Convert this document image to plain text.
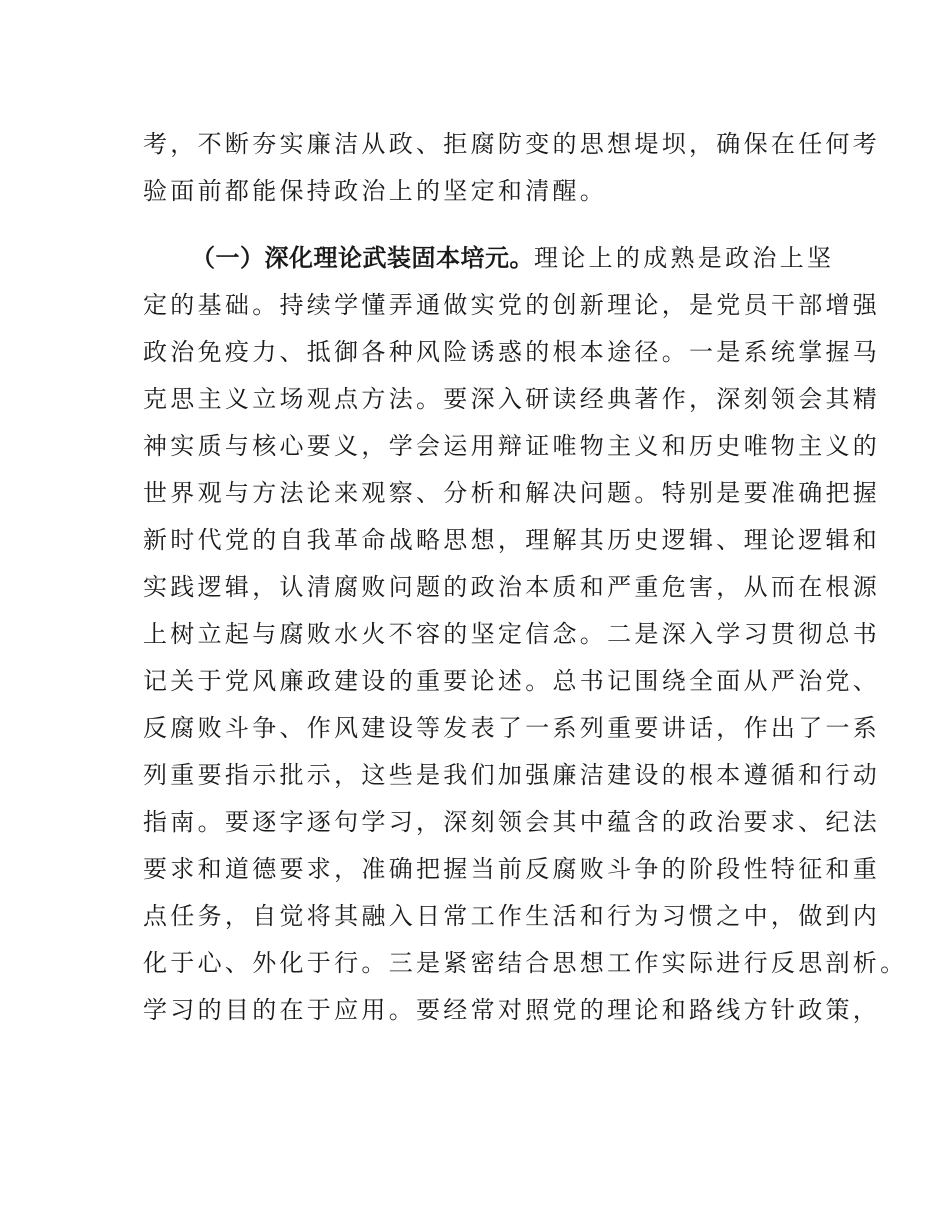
考，不断夯实廉洁从政、拒腐防变的思想堤坝，确保在任何考
验面前都能保持政治上的坚定和清醒。
（一）深化理论武装固本培元。理论上的成熟是政治上坚
定的基础。持续学懂弄通做实党的创新理论，是党员干部增强
政治免疫力、抵御各种风险诱惑的根本途径。一是系统掌握马
克思主义立场观点方法。要深入研读经典著作，深刻领会其精
神实质与核心要义，学会运用辩证唯物主义和历史唯物主义的
世界观与方法论来观察、分析和解决问题。特别是要准确把握
新时代党的自我革命战略思想，理解其历史逻辑、理论逻辑和
实践逻辑，认清腐败问题的政治本质和严重危害，从而在根源
上树立起与腐败水火不容的坚定信念。二是深入学习贯彻总书
记关于党风廉政建设的重要论述。总书记围绕全面从严治党、
反腐败斗争、作风建设等发表了一系列重要讲话，作出了一系
列重要指示批示，这些是我们加强廉洁建设的根本遵循和行动
指南。要逐字逐句学习，深刻领会其中蕴含的政治要求、纪法
要求和道德要求，准确把握当前反腐败斗争的阶段性特征和重
点任务，自觉将其融入日常工作生活和行为习惯之中，做到内
化于心、外化于行。三是紧密结合思想工作实际进行反思剖析。
学习的目的在于应用。要经常对照党的理论和路线方针政策，
